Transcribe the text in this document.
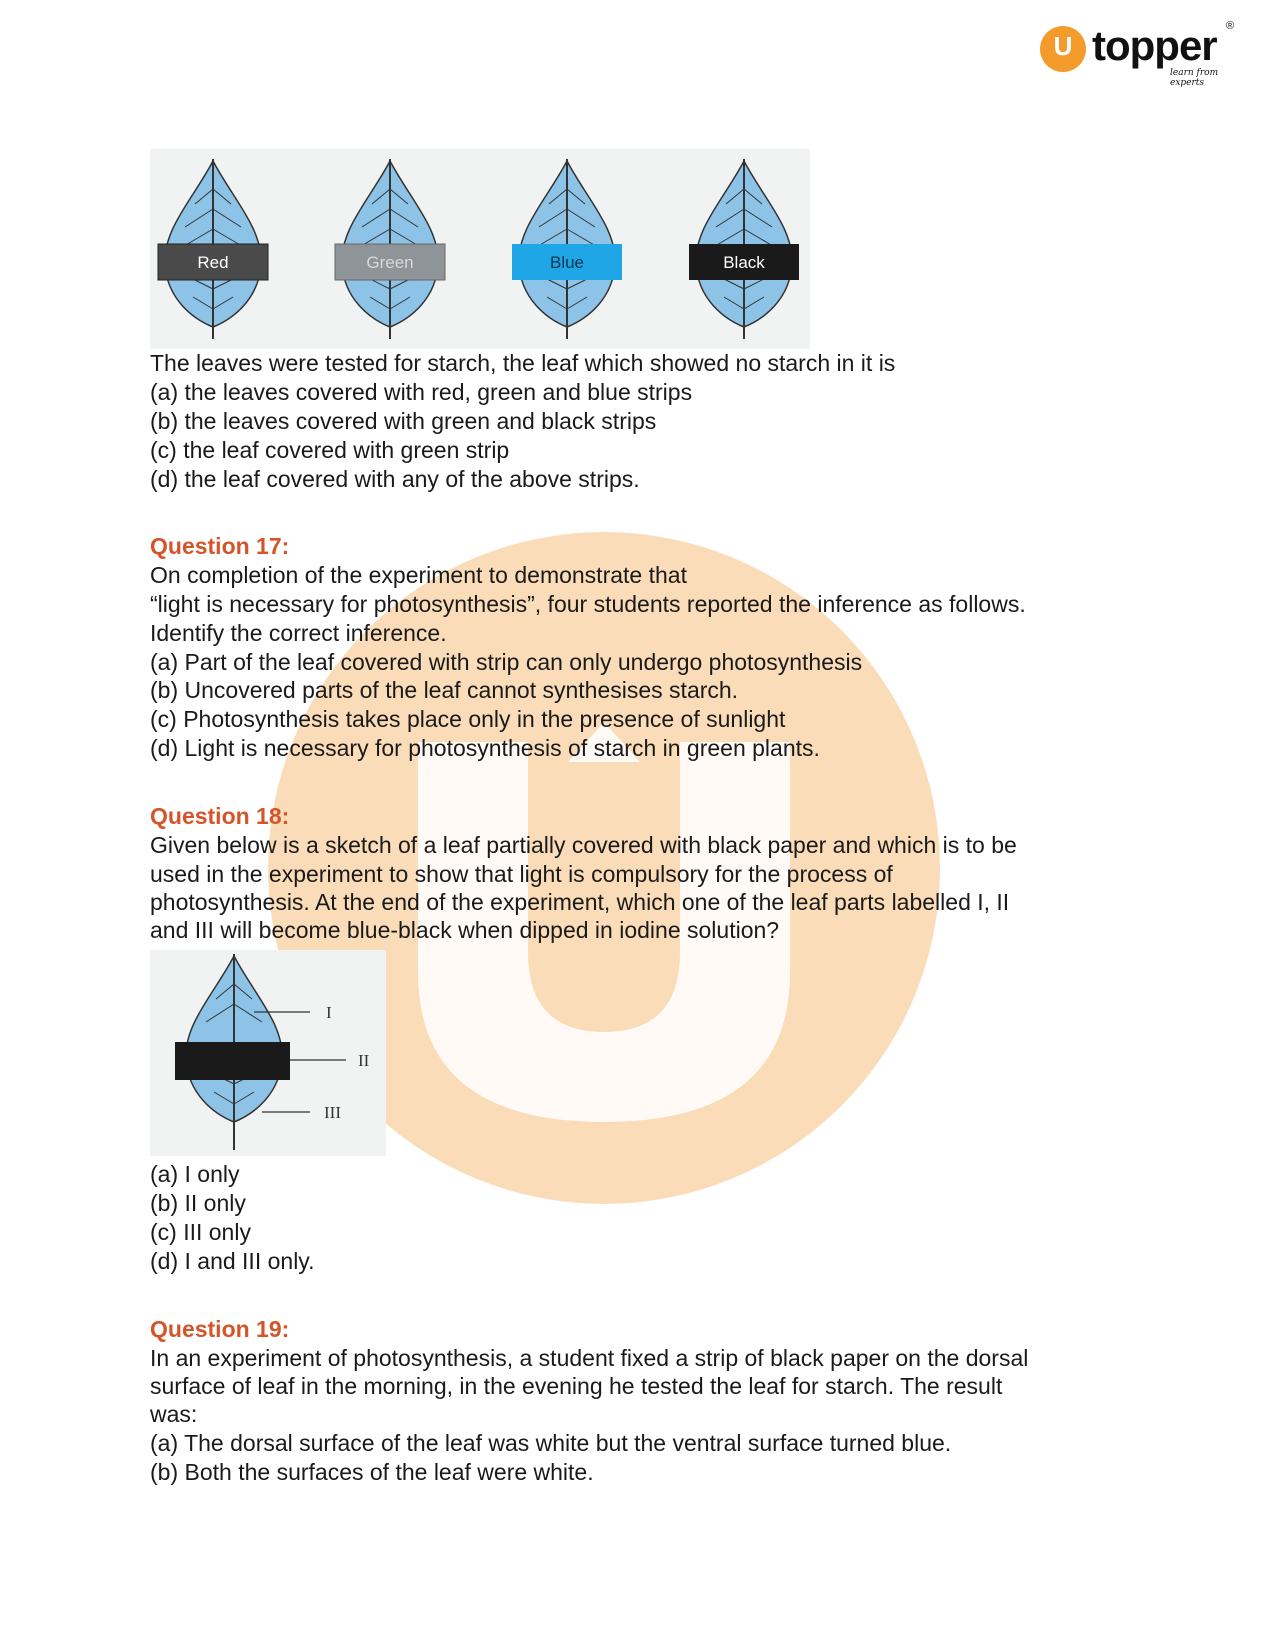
U topper ®
learn from experts
Red	Green	Blue	Black
The leaves were tested for starch, the leaf which showed no starch in it is
(a) the leaves covered with red, green and blue strips
(b) the leaves covered with green and black strips
(c) the leaf covered with green strip
(d) the leaf covered with any of the above strips.
Question 17:
On completion of the experiment to demonstrate that
“light is necessary for photosynthesis”, four students reported the inference as follows.
Identify the correct inference.
(a) Part of the leaf covered with strip can only undergo photosynthesis
(b) Uncovered parts of the leaf cannot synthesises starch.
(c) Photosynthesis takes place only in the presence of sunlight
(d) Light is necessary for photosynthesis of starch in green plants.
Question 18:
Given below is a sketch of a leaf partially covered with black paper and which is to be
used in the experiment to show that light is compulsory for the process of
photosynthesis. At the end of the experiment, which one of the leaf parts labelled I, II
and III will become blue-black when dipped in iodine solution?
I
II
III
(a) I only
(b) II only
(c) III only
(d) I and III only.
Question 19:
In an experiment of photosynthesis, a student fixed a strip of black paper on the dorsal
surface of leaf in the morning, in the evening he tested the leaf for starch. The result
was:
(a) The dorsal surface of the leaf was white but the ventral surface turned blue.
(b) Both the surfaces of the leaf were white.
